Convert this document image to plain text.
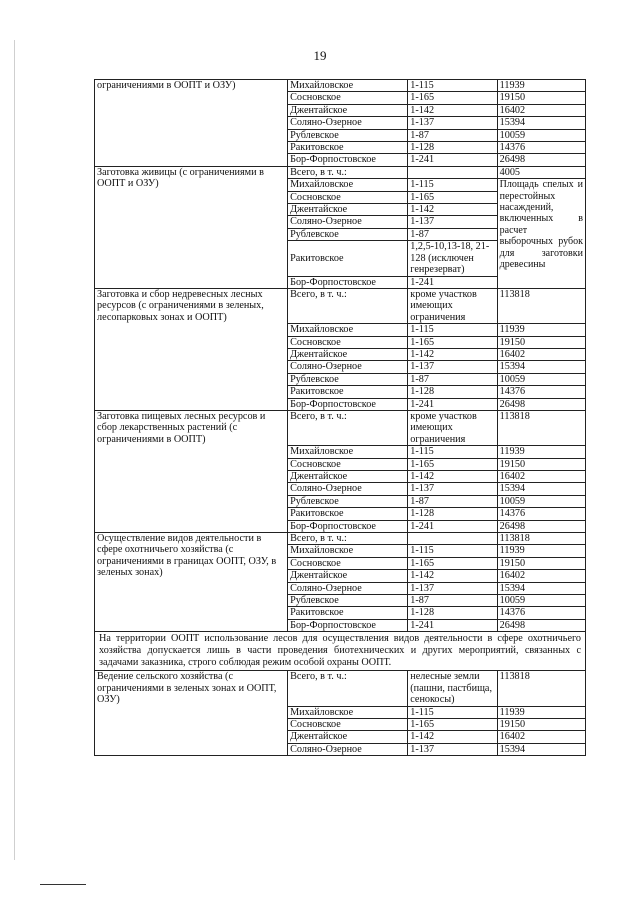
19
ограничениями в ООПТ и ОЗУ)	Михайловское	1-115	11939
	Сосновское	1-165	19150
	Джентайское	1-142	16402
	Соляно-Озерное	1-137	15394
	Рублевское	1-87	10059
	Ракитовское	1-128	14376
	Бор-Форпостовское	1-241	26498
Заготовка живицы (с ограничениями в ООПТ и ОЗУ)	Всего, в т. ч.:		4005
	Михайловское	1-115	Площадь спелых и перестойных насаждений, включенных в расчет выборочных рубок для заготовки древесины
	Сосновское	1-165	
	Джентайское	1-142	
	Соляно-Озерное	1-137	
	Рублевское	1-87	
	Ракитовское	1,2,5-10,13-18, 21-128 (исключен генрезерват)	
	Бор-Форпостовское	1-241	
Заготовка и сбор недревесных лесных ресурсов (с ограничениями в зеленых, лесопарковых зонах и ООПТ)	Всего, в т. ч.:	кроме участков имеющих ограничения	113818
	Михайловское	1-115	11939
	Сосновское	1-165	19150
	Джентайское	1-142	16402
	Соляно-Озерное	1-137	15394
	Рублевское	1-87	10059
	Ракитовское	1-128	14376
	Бор-Форпостовское	1-241	26498
Заготовка пищевых лесных ресурсов и сбор лекарственных растений (с ограничениями в ООПТ)	Всего, в т. ч.:	кроме участков имеющих ограничения	113818
	Михайловское	1-115	11939
	Сосновское	1-165	19150
	Джентайское	1-142	16402
	Соляно-Озерное	1-137	15394
	Рублевское	1-87	10059
	Ракитовское	1-128	14376
	Бор-Форпостовское	1-241	26498
Осуществление видов деятельности в сфере охотничьего хозяйства (с ограничениями в границах ООПТ, ОЗУ, в зеленых зонах)	Всего, в т. ч.:		113818
	Михайловское	1-115	11939
	Сосновское	1-165	19150
	Джентайское	1-142	16402
	Соляно-Озерное	1-137	15394
	Рублевское	1-87	10059
	Ракитовское	1-128	14376
	Бор-Форпостовское	1-241	26498
На территории ООПТ использование лесов для осуществления видов деятельности в сфере охотничьего хозяйства допускается лишь в части проведения биотехнических и других мероприятий, связанных с задачами заказника, строго соблюдая режим особой охраны ООПТ.			
Ведение сельского хозяйства (с ограничениями в зеленых зонах и ООПТ, ОЗУ)	Всего, в т. ч.:	нелесные земли (пашни, пастбища, сенокосы)	113818
	Михайловское	1-115	11939
	Сосновское	1-165	19150
	Джентайское	1-142	16402
	Соляно-Озерное	1-137	15394
